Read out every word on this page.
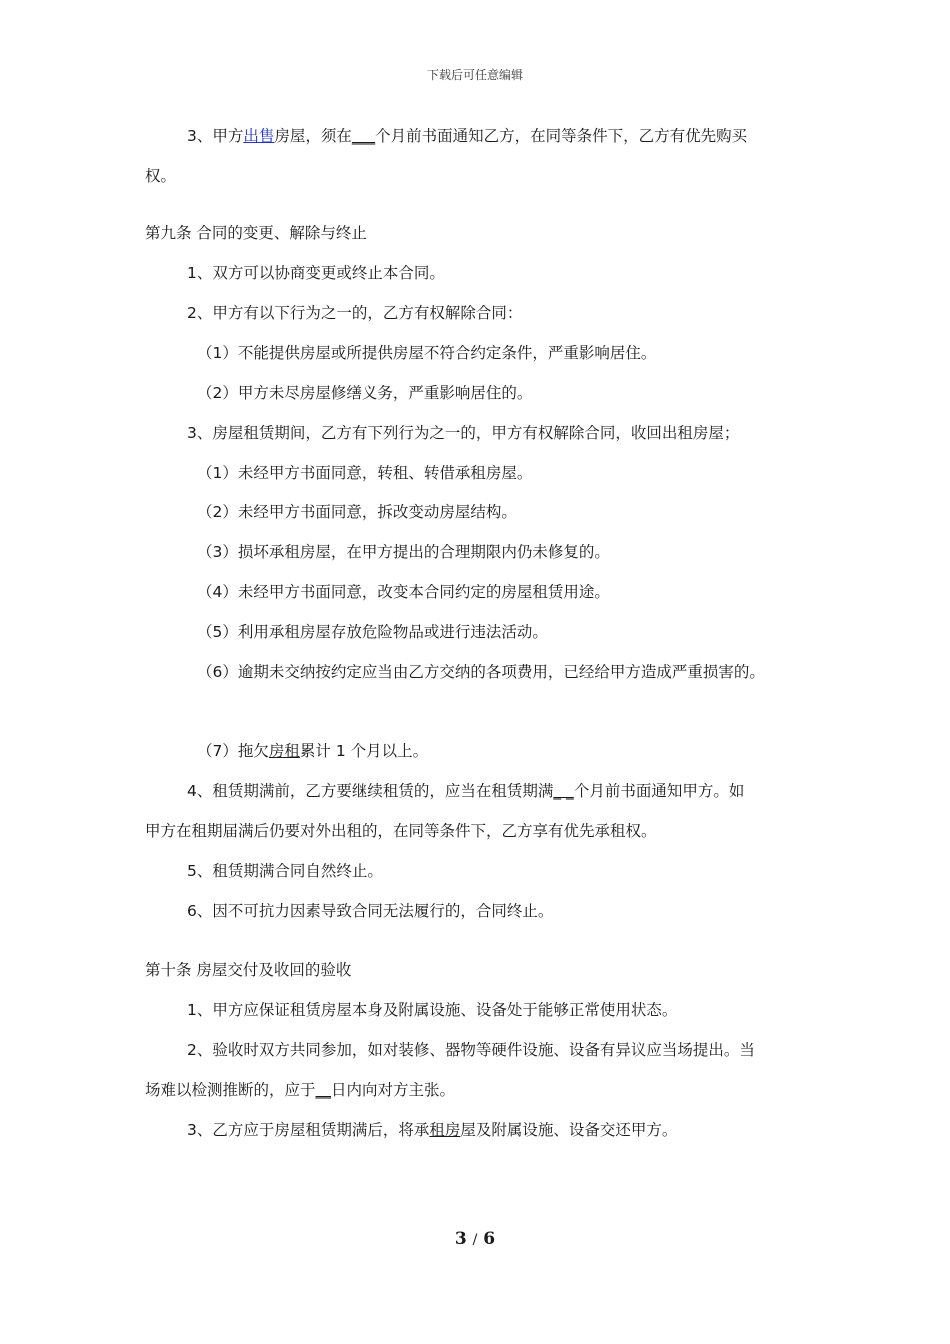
下载后可任意编辑
3、甲方出售房屋，须在___个月前书面通知乙方，在同等条件下，乙方有优先购买
权。
第九条 合同的变更、解除与终止
1、双方可以协商变更或终止本合同。
2、甲方有以下行为之一的，乙方有权解除合同：
（1）不能提供房屋或所提供房屋不符合约定条件，严重影响居住。
（2）甲方未尽房屋修缮义务，严重影响居住的。
3、房屋租赁期间，乙方有下列行为之一的，甲方有权解除合同，收回出租房屋；
（1）未经甲方书面同意，转租、转借承租房屋。
（2）未经甲方书面同意，拆改变动房屋结构。
（3）损坏承租房屋，在甲方提出的合理期限内仍未修复的。
（4）未经甲方书面同意，改变本合同约定的房屋租赁用途。
（5）利用承租房屋存放危险物品或进行违法活动。
（6）逾期未交纳按约定应当由乙方交纳的各项费用，已经给甲方造成严重损害的。
（7）拖欠房租累计 1 个月以上。
4、租赁期满前，乙方要继续租赁的，应当在租赁期满_ _个月前书面通知甲方。如
甲方在租期届满后仍要对外出租的，在同等条件下，乙方享有优先承租权。
5、租赁期满合同自然终止。
6、因不可抗力因素导致合同无法履行的，合同终止。
第十条 房屋交付及收回的验收
1、甲方应保证租赁房屋本身及附属设施、设备处于能够正常使用状态。
2、验收时双方共同参加，如对装修、器物等硬件设施、设备有异议应当场提出。当
场难以检测推断的，应于__日内向对方主张。
3、乙方应于房屋租赁期满后，将承租房屋及附属设施、设备交还甲方。
3 / 6
